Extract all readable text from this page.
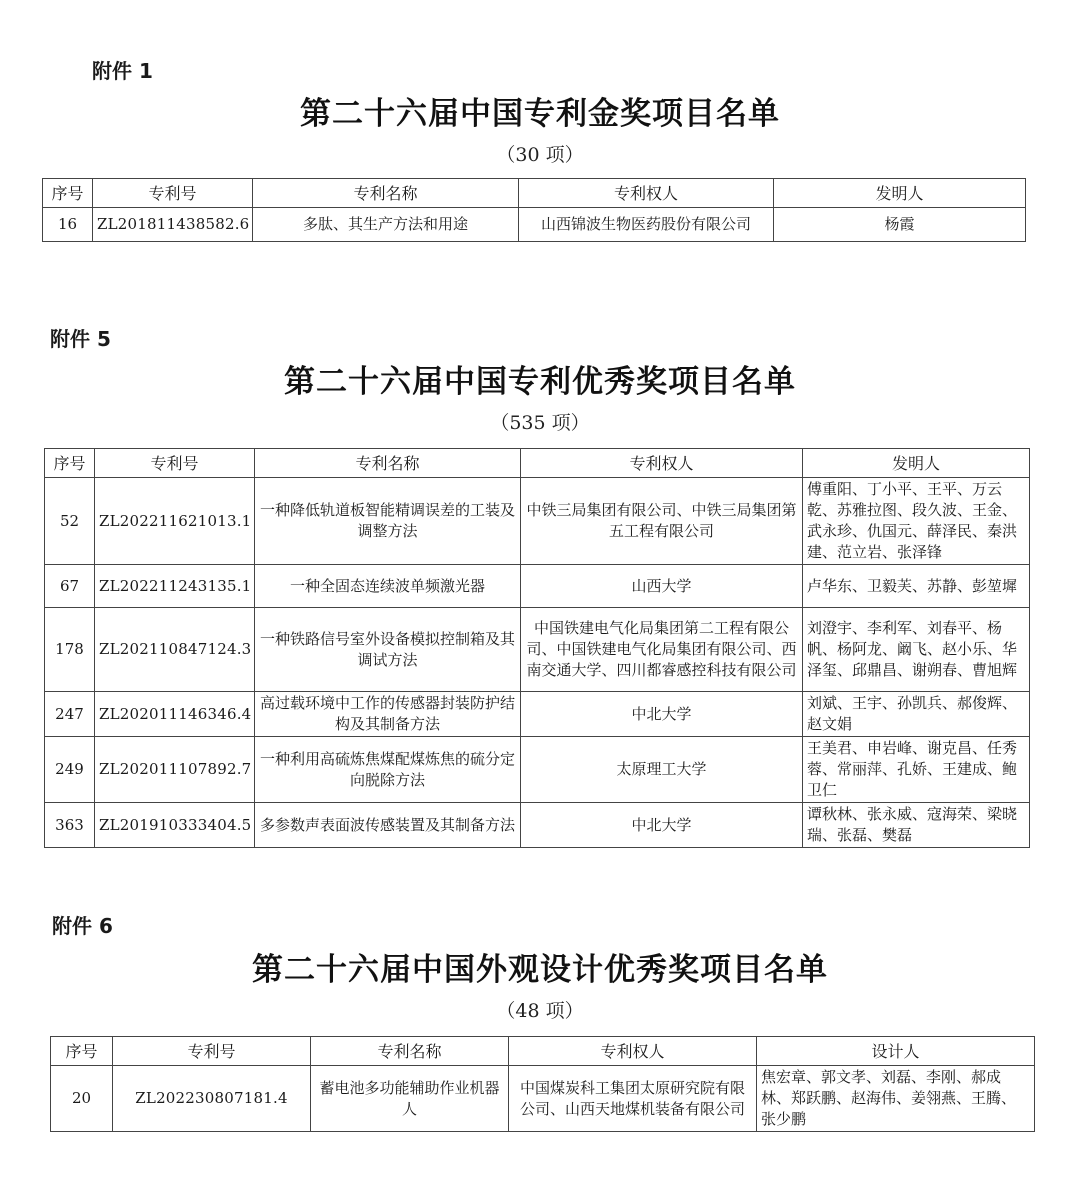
附件 1
第二十六届中国专利金奖项目名单
（30 项）
序号	专利号	专利名称	专利权人	发明人
16	ZL201811438582.6	多肽、其生产方法和用途	山西锦波生物医药股份有限公司	杨霞
附件 5
第二十六届中国专利优秀奖项目名单
（535 项）
序号	专利号	专利名称	专利权人	发明人
52	ZL202211621013.1	一种降低轨道板智能精调误差的工装及调整方法	中铁三局集团有限公司、中铁三局集团第五工程有限公司	傅重阳、丁小平、王平、万云乾、苏雅拉图、段久波、王金、武永珍、仇国元、薛泽民、秦洪建、范立岩、张泽锋
67	ZL202211243135.1	一种全固态连续波单频激光器	山西大学	卢华东、卫毅芙、苏静、彭堃墀
178	ZL202110847124.3	一种铁路信号室外设备模拟控制箱及其调试方法	中国铁建电气化局集团第二工程有限公司、中国铁建电气化局集团有限公司、西南交通大学、四川都睿感控科技有限公司	刘澄宇、李利军、刘春平、杨帆、杨阿龙、阚飞、赵小乐、华泽玺、邱鼎昌、谢朔春、曹旭辉
247	ZL202011146346.4	高过载环境中工作的传感器封装防护结构及其制备方法	中北大学	刘斌、王宇、孙凯兵、郝俊辉、赵文娟
249	ZL202011107892.7	一种利用高硫炼焦煤配煤炼焦的硫分定向脱除方法	太原理工大学	王美君、申岩峰、谢克昌、任秀蓉、常丽萍、孔娇、王建成、鲍卫仁
363	ZL201910333404.5	多参数声表面波传感装置及其制备方法	中北大学	谭秋林、张永威、寇海荣、梁晓瑞、张磊、樊磊
附件 6
第二十六届中国外观设计优秀奖项目名单
（48 项）
序号	专利号	专利名称	专利权人	设计人
20	ZL202230807181.4	蓄电池多功能辅助作业机器人	中国煤炭科工集团太原研究院有限公司、山西天地煤机装备有限公司	焦宏章、郭文孝、刘磊、李刚、郝成林、郑跃鹏、赵海伟、姜翎燕、王腾、张少鹏
